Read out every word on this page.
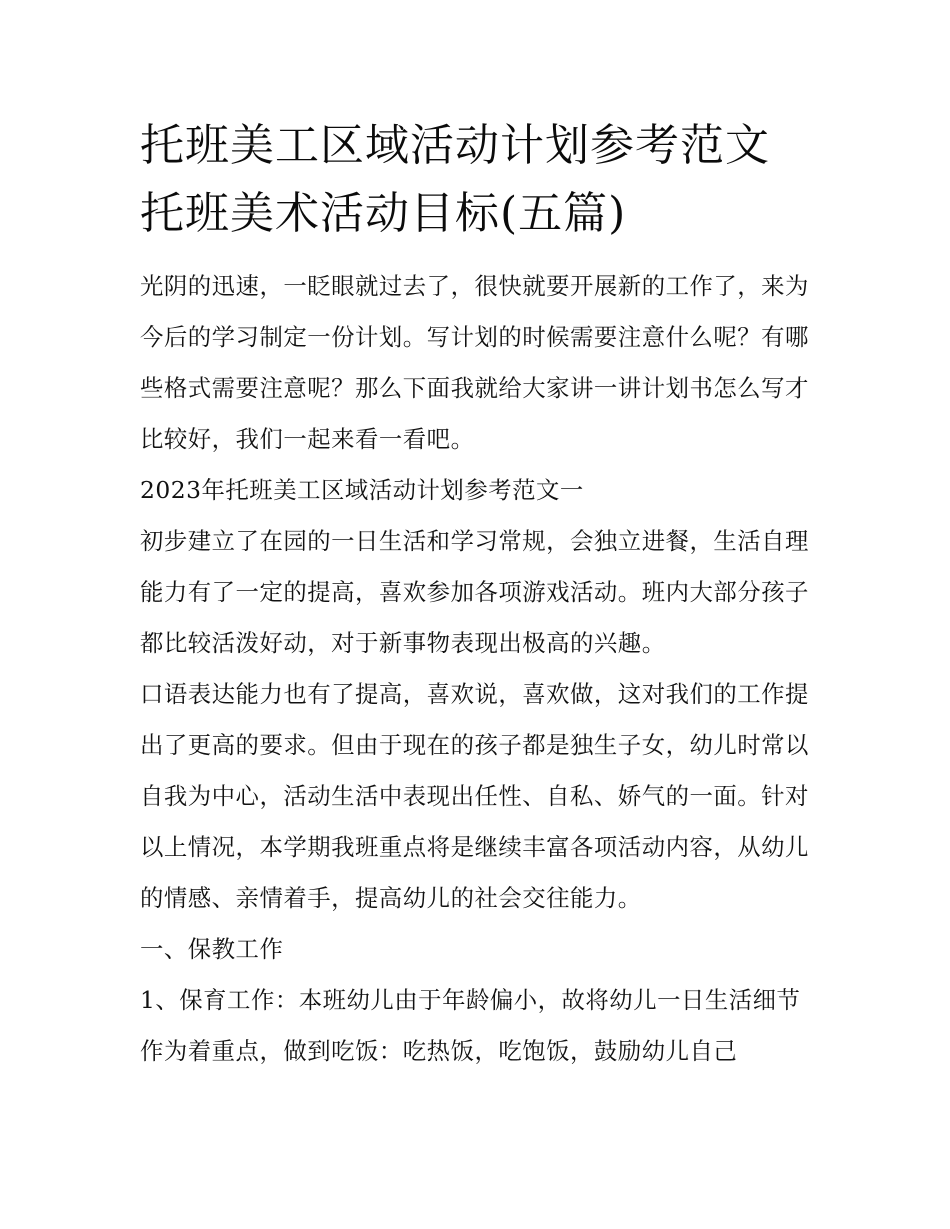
托班美工区域活动计划参考范文 托班美术活动目标(五篇)

光阴的迅速，一眨眼就过去了，很快就要开展新的工作了，来为今后的学习制定一份计划。写计划的时候需要注意什么呢？有哪些格式需要注意呢？那么下面我就给大家讲一讲计划书怎么写才比较好，我们一起来看一看吧。

2023年托班美工区域活动计划参考范文一

初步建立了在园的一日生活和学习常规，会独立进餐，生活自理能力有了一定的提高，喜欢参加各项游戏活动。班内大部分孩子都比较活泼好动，对于新事物表现出极高的兴趣。

口语表达能力也有了提高，喜欢说，喜欢做，这对我们的工作提出了更高的要求。但由于现在的孩子都是独生子女，幼儿时常以自我为中心，活动生活中表现出任性、自私、娇气的一面。针对以上情况，本学期我班重点将是继续丰富各项活动内容，从幼儿的情感、亲情着手，提高幼儿的社会交往能力。

一、保教工作

1、保育工作：本班幼儿由于年龄偏小，故将幼儿一日生活细节作为着重点，做到吃饭：吃热饭，吃饱饭，鼓励幼儿自己
